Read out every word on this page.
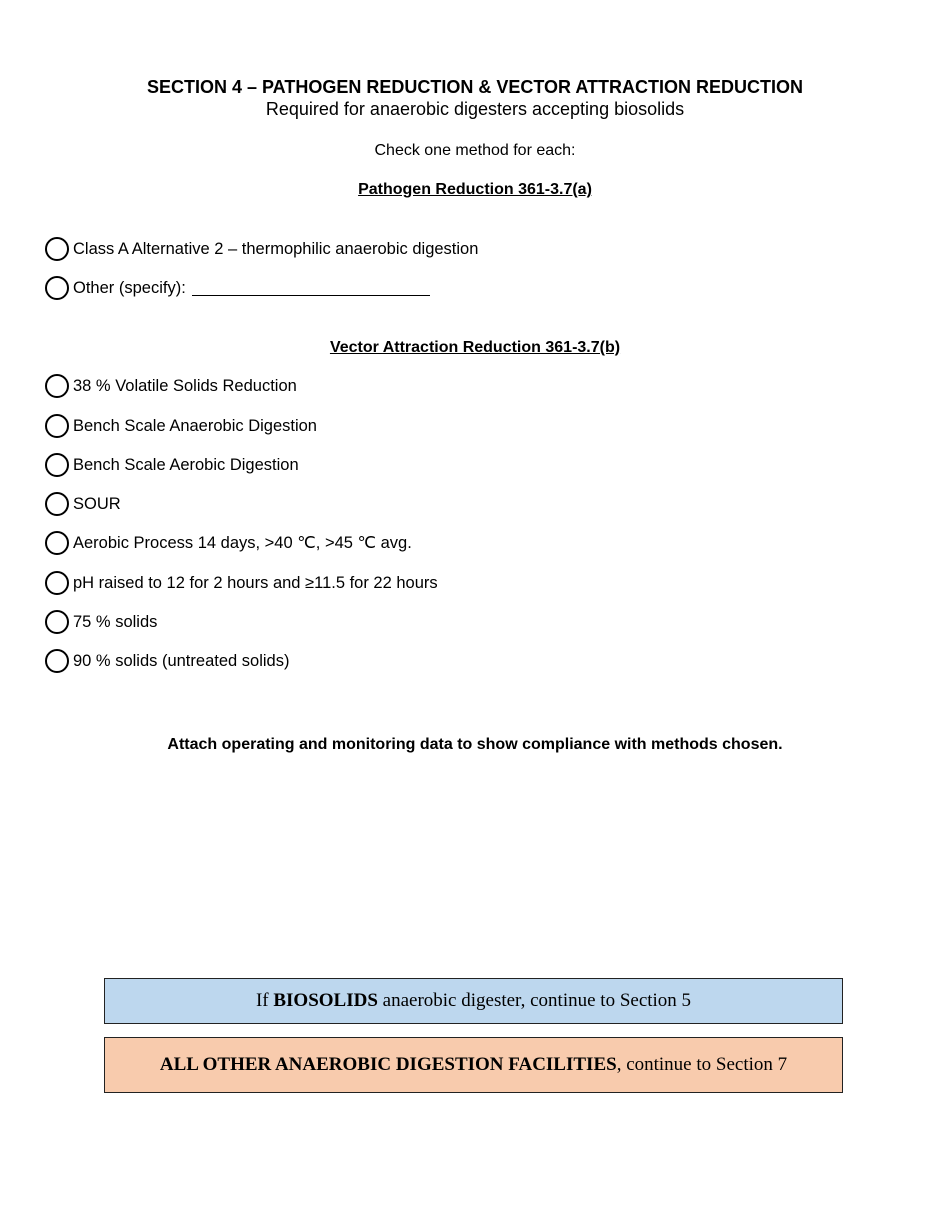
SECTION 4 – PATHOGEN REDUCTION & VECTOR ATTRACTION REDUCTION
Required for anaerobic digesters accepting biosolids
Check one method for each:
Pathogen Reduction 361-3.7(a)
Class A Alternative 2 – thermophilic anaerobic digestion
Other (specify):
Vector Attraction Reduction 361-3.7(b)
38 % Volatile Solids Reduction
Bench Scale Anaerobic Digestion
Bench Scale Aerobic Digestion
SOUR
Aerobic Process 14 days, >40 ℃, >45 ℃ avg.
pH raised to 12 for 2 hours and ≥11.5 for 22 hours
75 % solids
90 % solids (untreated solids)
Attach operating and monitoring data to show compliance with methods chosen.
If BIOSOLIDS anaerobic digester, continue to Section 5
ALL OTHER ANAEROBIC DIGESTION FACILITIES , continue to Section 7
